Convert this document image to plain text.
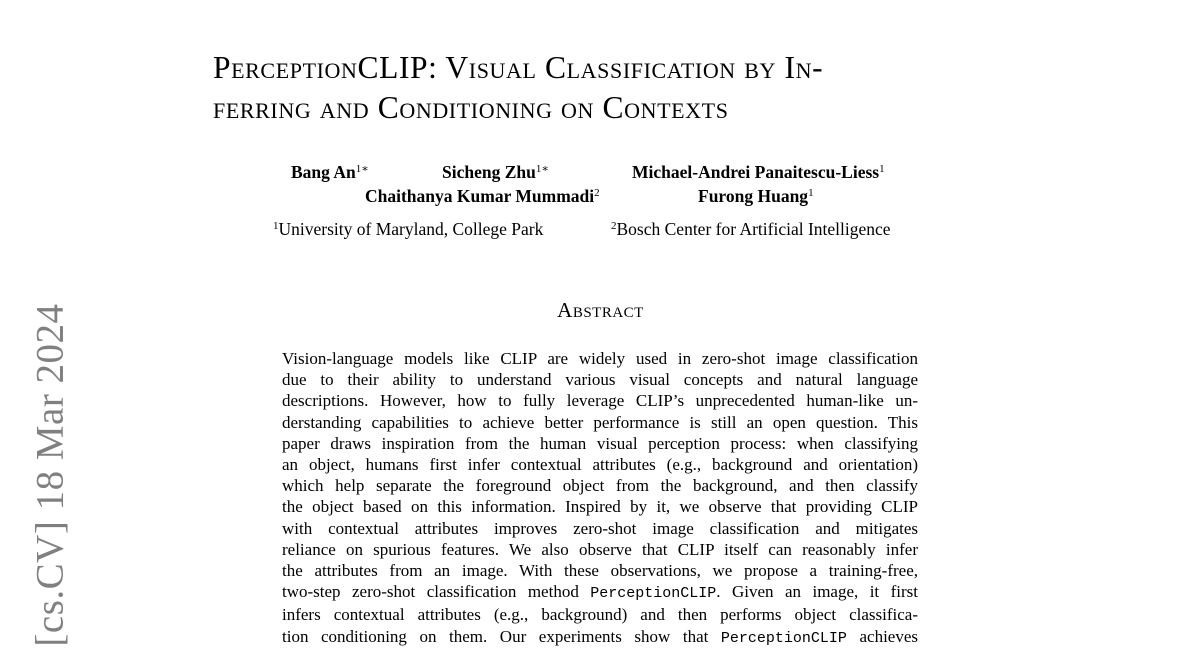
[cs.CV] 18 Mar 2024
PerceptionCLIP: Visual Classification by In-
ferring and Conditioning on Contexts
Bang $An^{1∗}$	Sicheng Zhu$^{1∗}$	Michael-Andrei Panaitescu-Liess$^1$
Chaithanya Kumar Mummadi$^2$	Furong Huang$^1$
$^1$University of Maryland, College Park	$^2$Bosch Center for Artificial Intelligence
Abstract
Vision-language models like CLIP are widely used in zero-shot image classification
due to their ability to understand various visual concepts and natural language
descriptions. However, how to fully leverage CLIP’s unprecedented human-like un-
derstanding capabilities to achieve better performance is still an open question. This
paper draws inspiration from the human visual perception process: when classifying
an object, humans first infer contextual attributes (e.g., background and orientation)
which help separate the foreground object from the background, and then classify
the object based on this information. Inspired by it, we observe that providing CLIP
with contextual attributes improves zero-shot image classification and mitigates
reliance on spurious features. We also observe that CLIP itself can reasonably infer
the attributes from an image. With these observations, we propose a training-free,
two-step zero-shot classification method PerceptionCLIP. Given an image, it first
infers contextual attributes (e.g., background) and then performs object classifica-
tion conditioning on them. Our experiments show that PerceptionCLIP achieves
